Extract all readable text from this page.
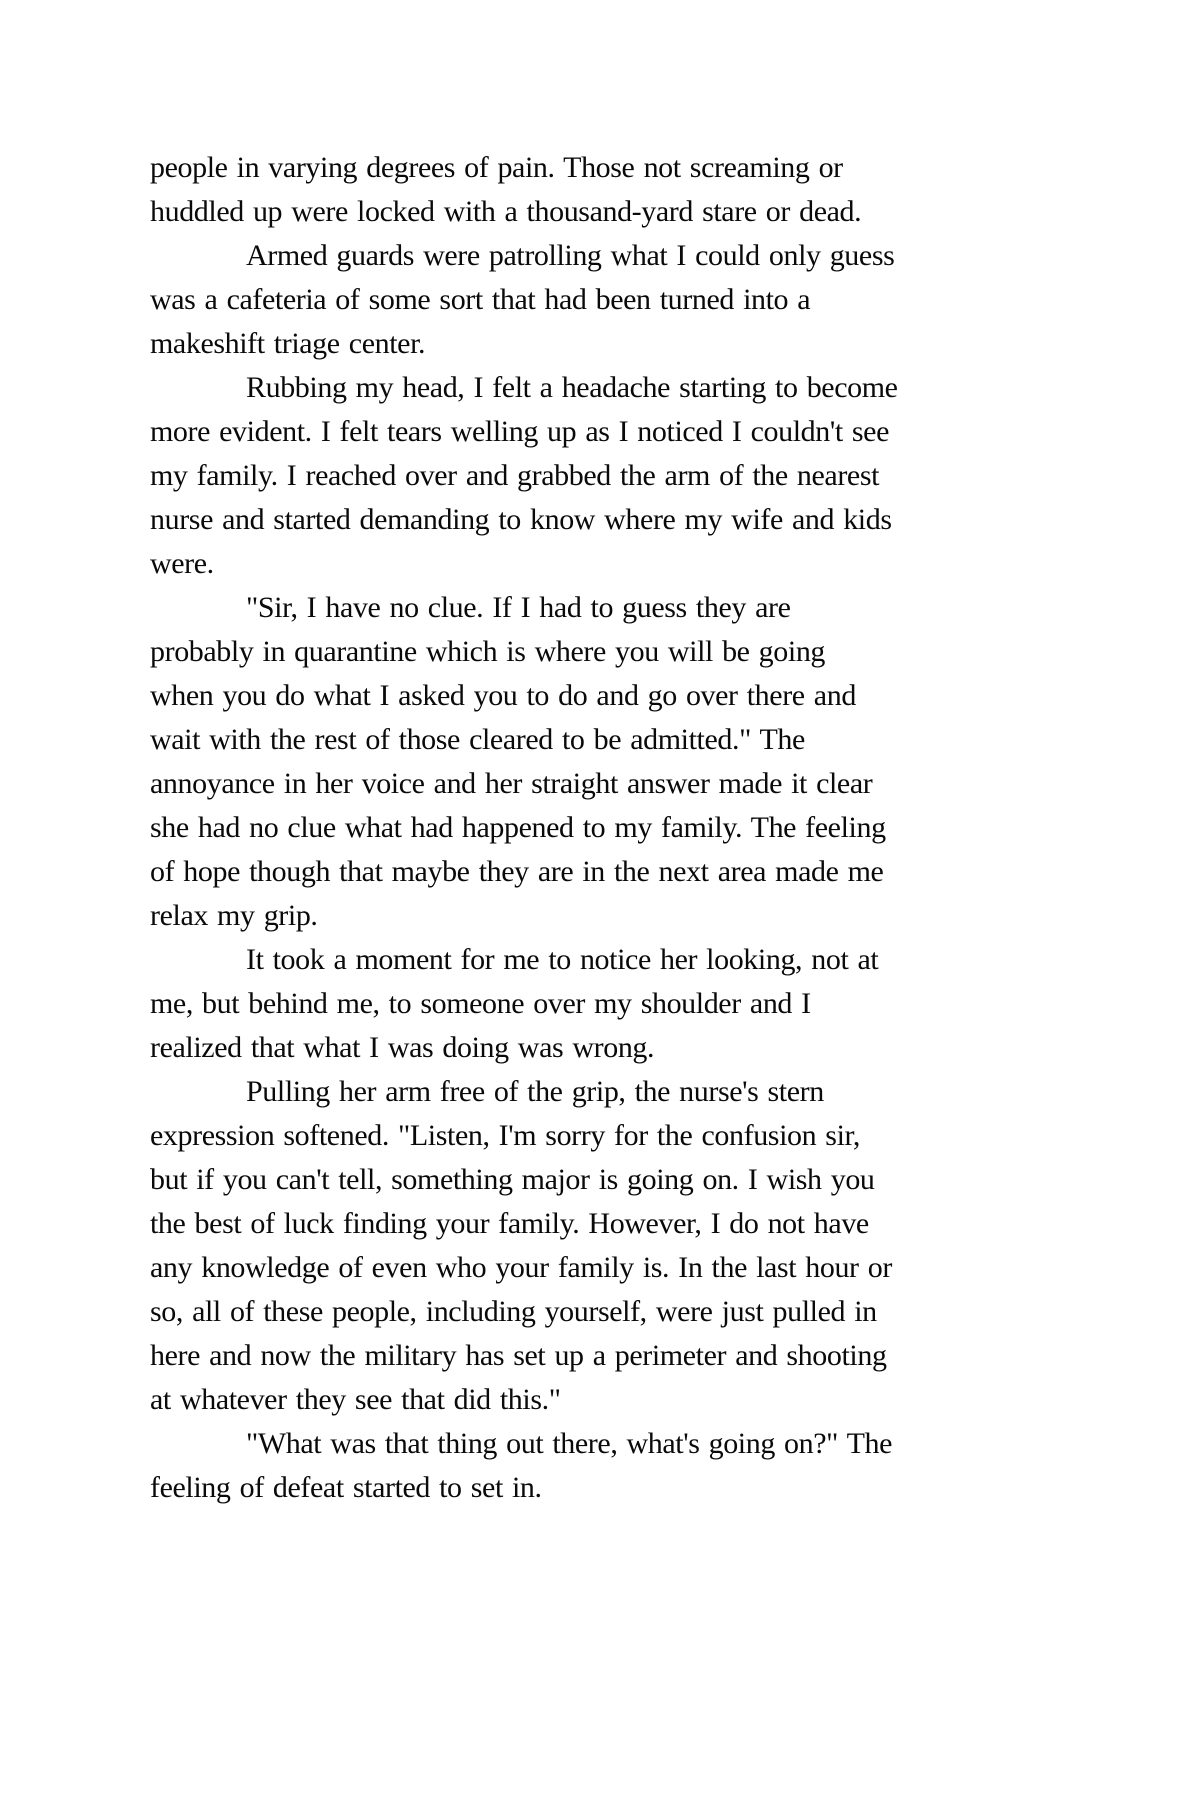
people in varying degrees of pain. Those not screaming or
huddled up were locked with a thousand-yard stare or dead.
Armed guards were patrolling what I could only guess
was a cafeteria of some sort that had been turned into a
makeshift triage center.
Rubbing my head, I felt a headache starting to become
more evident. I felt tears welling up as I noticed I couldn't see
my family. I reached over and grabbed the arm of the nearest
nurse and started demanding to know where my wife and kids
were.
"Sir, I have no clue. If I had to guess they are
probably in quarantine which is where you will be going
when you do what I asked you to do and go over there and
wait with the rest of those cleared to be admitted." The
annoyance in her voice and her straight answer made it clear
she had no clue what had happened to my family. The feeling
of hope though that maybe they are in the next area made me
relax my grip.
It took a moment for me to notice her looking, not at
me, but behind me, to someone over my shoulder and I
realized that what I was doing was wrong.
Pulling her arm free of the grip, the nurse's stern
expression softened. "Listen, I'm sorry for the confusion sir,
but if you can't tell, something major is going on. I wish you
the best of luck finding your family. However, I do not have
any knowledge of even who your family is. In the last hour or
so, all of these people, including yourself, were just pulled in
here and now the military has set up a perimeter and shooting
at whatever they see that did this."
"What was that thing out there, what's going on?" The
feeling of defeat started to set in.
